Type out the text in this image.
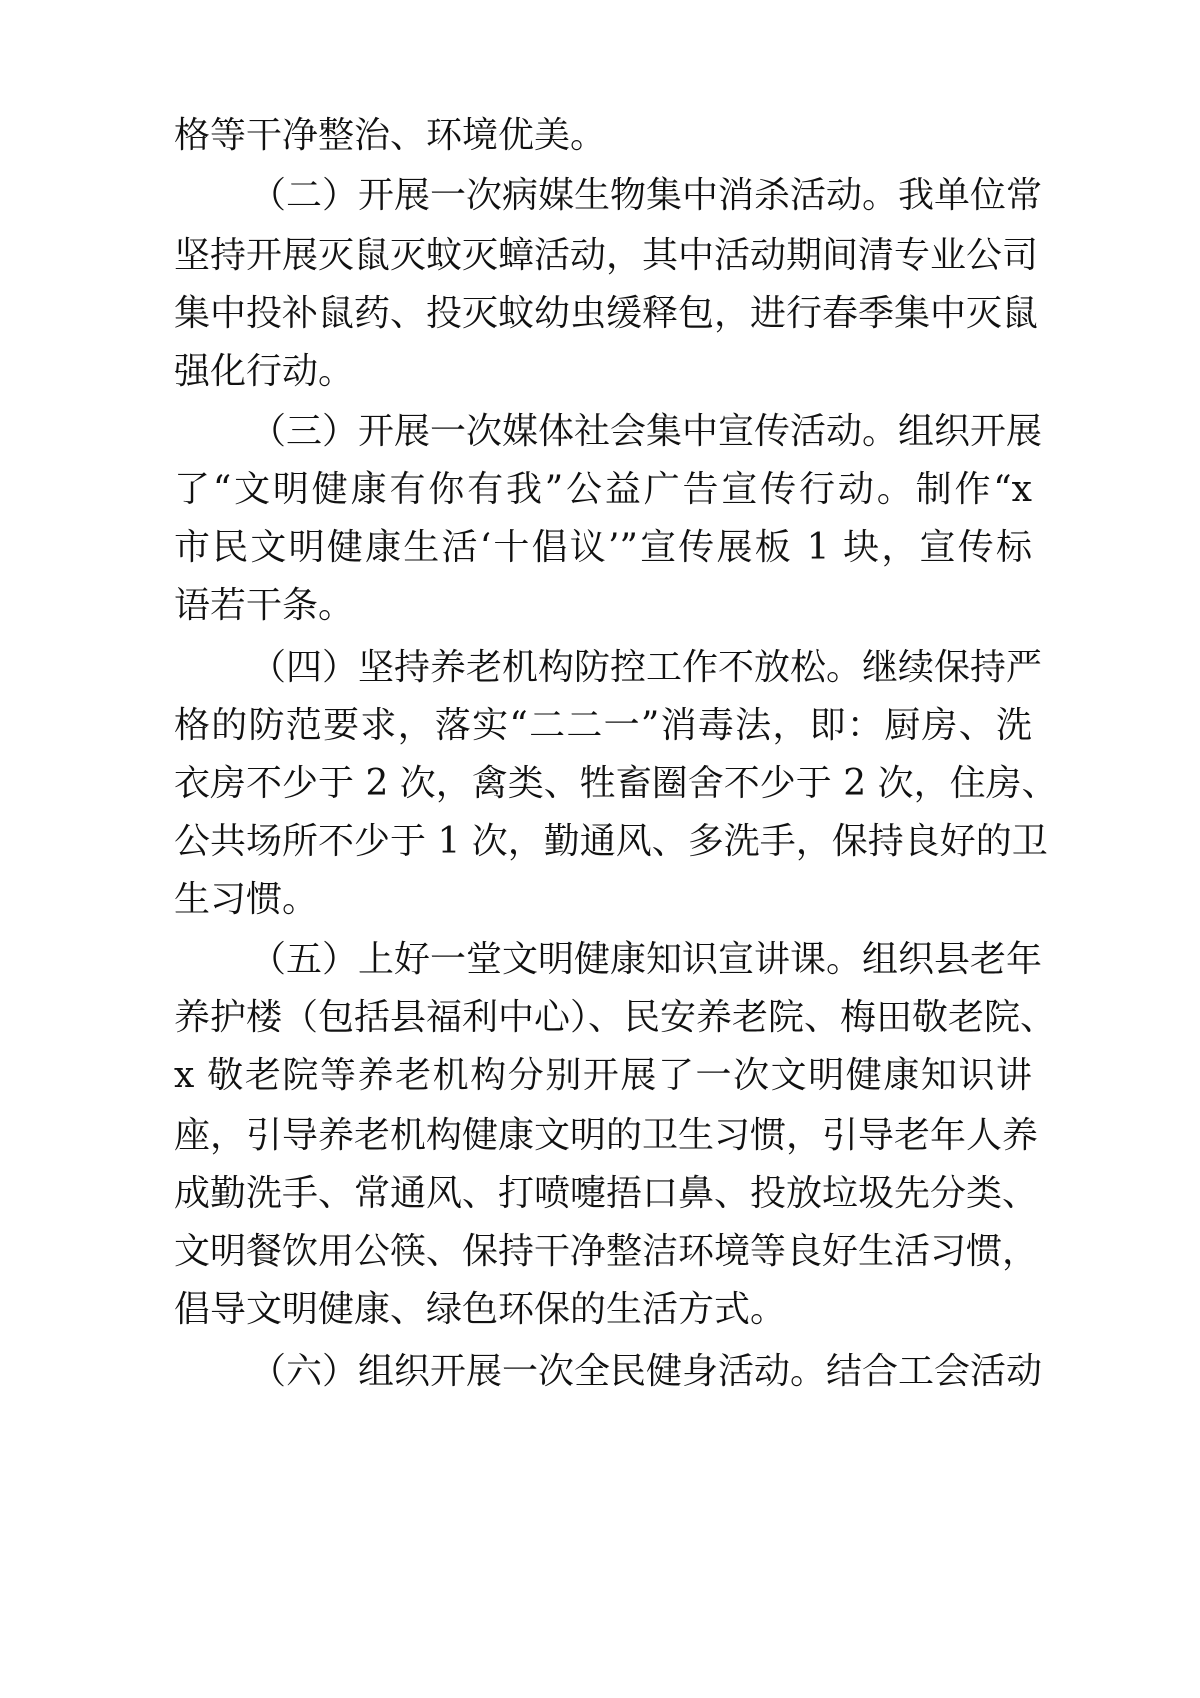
格等干净整治、环境优美。

（二）开展一次病媒生物集中消杀活动。我单位常

坚持开展灭鼠灭蚊灭蟑活动，其中活动期间清专业公司

集中投补鼠药、投灭蚊幼虫缓释包，进行春季集中灭鼠

强化行动。

（三）开展一次媒体社会集中宣传活动。组织开展

了“文明健康有你有我”公益广告宣传行动。制作“x

市民文明健康生活‘十倡议’”宣传展板 1 块，宣传标

语若干条。

（四）坚持养老机构防控工作不放松。继续保持严

格的防范要求，落实“二二一”消毒法，即：厨房、洗

衣房不少于 2 次，禽类、牲畜圈舍不少于 2 次，住房、

公共场所不少于 1 次，勤通风、多洗手，保持良好的卫

生习惯。

（五）上好一堂文明健康知识宣讲课。组织县老年

养护楼（包括县福利中心）、民安养老院、梅田敬老院、

x 敬老院等养老机构分别开展了一次文明健康知识讲

座，引导养老机构健康文明的卫生习惯，引导老年人养

成勤洗手、常通风、打喷嚏捂口鼻、投放垃圾先分类、

文明餐饮用公筷、保持干净整洁环境等良好生活习惯，

倡导文明健康、绿色环保的生活方式。

（六）组织开展一次全民健身活动。结合工会活动
